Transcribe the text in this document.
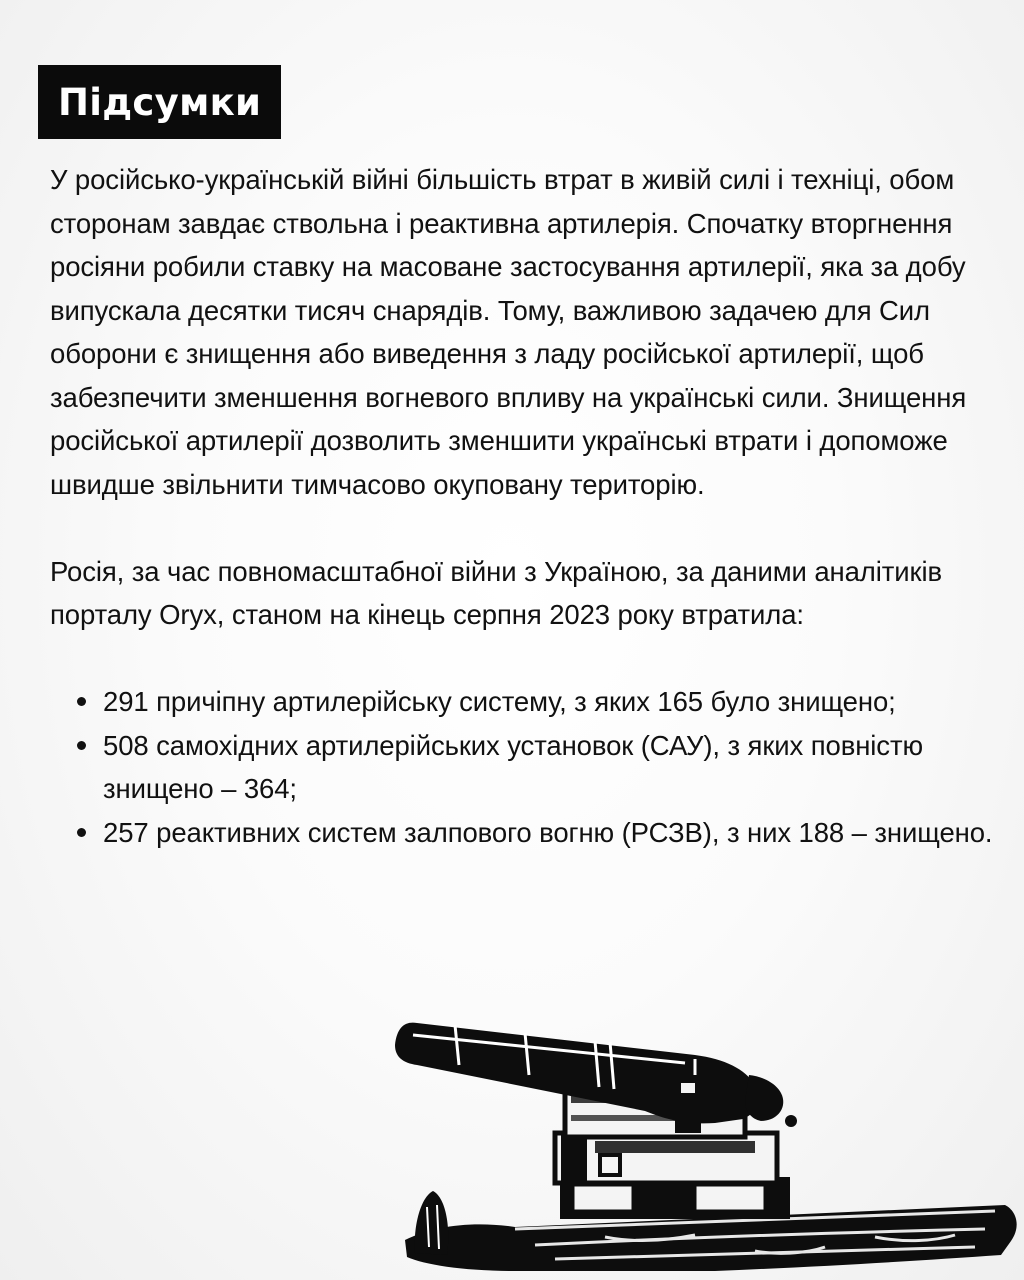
Підсумки

У російсько-українській війні більшість втрат в живій силі і техніці, обом сторонам завдає ствольна і реактивна артилерія. Спочатку вторгнення росіяни робили ставку на масоване застосування артилерії, яка за добу випускала десятки тисяч снарядів. Тому, важливою задачею для Сил оборони є знищення або виведення з ладу російської артилерії, щоб забезпечити зменшення вогневого впливу на українські сили. Знищення російської артилерії дозволить зменшити українські втрати і допоможе швидше звільнити тимчасово окуповану територію.

Росія, за час повномасштабної війни з Україною, за даними аналітиків порталу Oryx, станом на кінець серпня 2023 року втратила:

291 причіпну артилерійську систему, з яких 165 було знищено;
508 самохідних артилерійських установок (САУ), з яких повністю знищено – 364;
257 реактивних систем залпового вогню (РСЗВ), з них 188 – знищено.
